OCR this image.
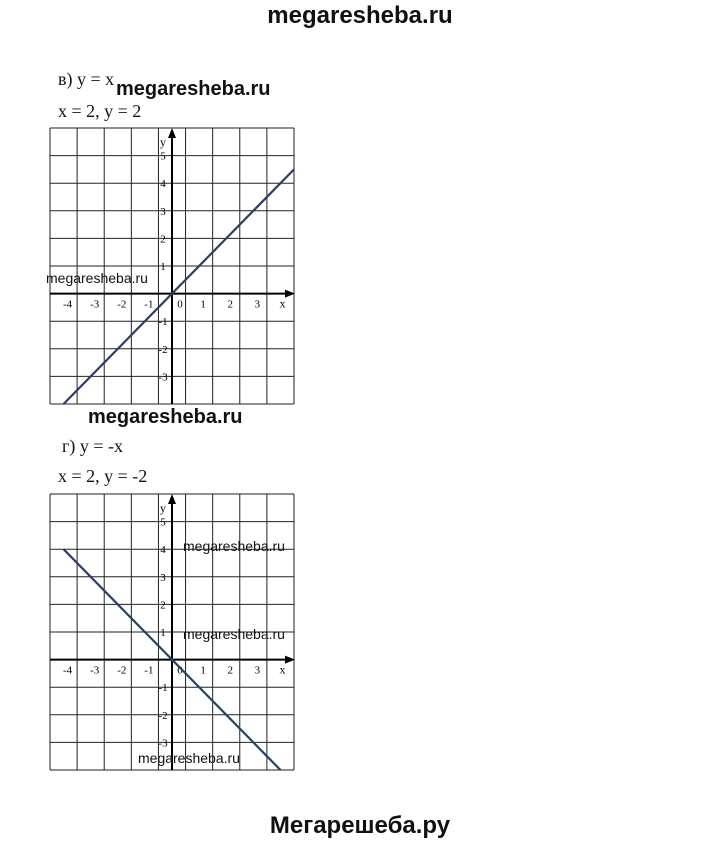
megaresheba.ru
в) y = x
x = 2, y = 2
-4 -3 -2 -1 0 1 2 3
5
4
3
2
1
-1
-2
-3
x
y
г) y = -x
x = 2, y = -2
-4 -3 -2 -1 0 1 2 3
5
4
3
2
1
-1
-2
-3
x
y
megaresheba.ru
megaresheba.ru
megaresheba.ru
megaresheba.ru
megaresheba.ru
megaresheba.ru
Мегарешеба.ру
